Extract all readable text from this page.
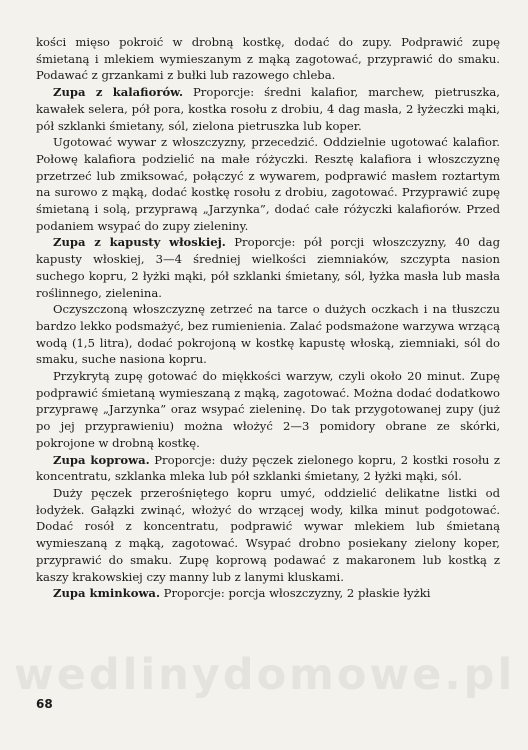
kości mięso pokroić w drobną kostkę, dodać do zupy. Podprawić zupę śmietaną i mlekiem wymieszanym z mąką zagotować, przyprawić do smaku. Podawać z grzankami z bułki lub razowego chleba.

Zupa z kalafiorów. Proporcje: średni kalafior, marchew, pietruszka, kawałek selera, pół pora, kostka rosołu z drobiu, 4 dag masła, 2 łyżeczki mąki, pół szklanki śmietany, sól, zielona pietruszka lub koper.

Ugotować wywar z włoszczyzny, przecedzić. Oddzielnie ugotować kalafior. Połowę kalafiora podzielić na małe różyczki. Resztę kalafiora i włoszczyznę przetrzeć lub zmiksować, połączyć z wywarem, podprawić masłem roztartym na surowo z mąką, dodać kostkę rosołu z drobiu, zagotować. Przyprawić zupę śmietaną i solą, przyprawą „Jarzynka”, dodać całe różyczki kalafiorów. Przed podaniem wsypać do zupy zieleniny.

Zupa z kapusty włoskiej. Proporcje: pół porcji włoszczyzny, 40 dag kapusty włoskiej, 3—4 średniej wielkości ziemniaków, szczypta nasion suchego kopru, 2 łyżki mąki, pół szklanki śmietany, sól, łyżka masła lub masła roślinnego, zielenina.

Oczyszczoną włoszczyznę zetrzeć na tarce o dużych oczkach i na tłuszczu bardzo lekko podsmażyć, bez rumienienia. Zalać podsmażone warzywa wrzącą wodą (1,5 litra), dodać pokrojoną w kostkę kapustę włoską, ziemniaki, sól do smaku, suche nasiona kopru.

Przykrytą zupę gotować do miękkości warzyw, czyli około 20 minut. Zupę podprawić śmietaną wymieszaną z mąką, zagotować. Można dodać dodatkowo przyprawę „Jarzynka” oraz wsypać zieleninę. Do tak przygotowanej zupy (już po jej przyprawieniu) można włożyć 2—3 pomidory obrane ze skórki, pokrojone w drobną kostkę.

Zupa koprowa. Proporcje: duży pęczek zielonego kopru, 2 kostki rosołu z koncentratu, szklanka mleka lub pół szklanki śmietany, 2 łyżki mąki, sól.

Duży pęczek przerośniętego kopru umyć, oddzielić delikatne listki od łodyżek. Gałązki zwinąć, włożyć do wrzącej wody, kilka minut podgotować. Dodać rosół z koncentratu, podprawić wywar mlekiem lub śmietaną wymieszaną z mąką, zagotować. Wsypać drobno posiekany zielony koper, przyprawić do smaku. Zupę koprową podawać z makaronem lub kostką z kaszy krakowskiej czy manny lub z lanymi kluskami.

Zupa kminkowa. Proporcje: porcja włoszczyzny, 2 płaskie łyżki

wedlinydomowe.pl
68
